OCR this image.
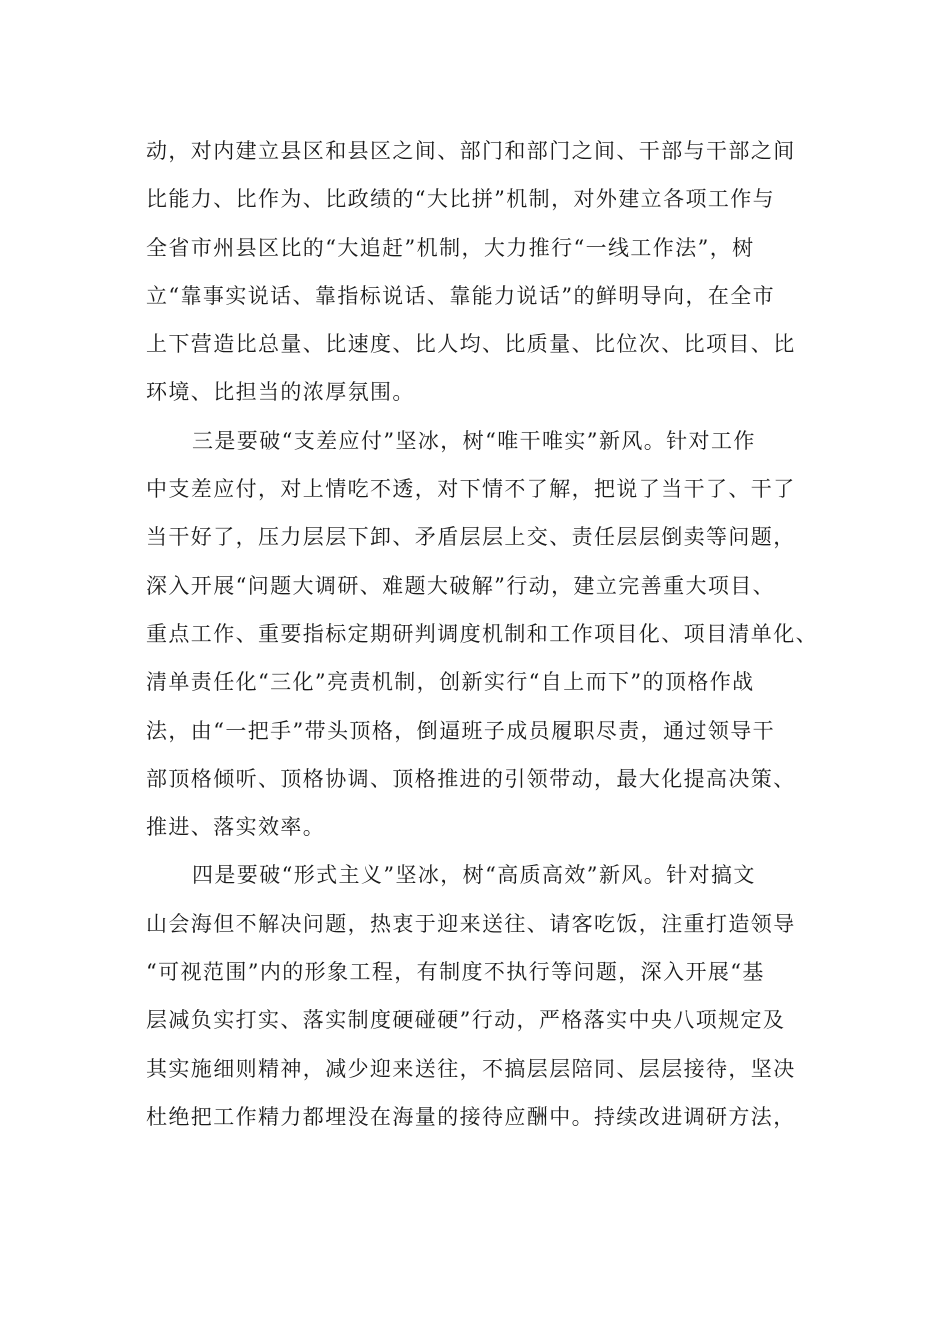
动，对内建立县区和县区之间、部门和部门之间、干部与干部之间
比能力、比作为、比政绩的“大比拼”机制，对外建立各项工作与
全省市州县区比的“大追赶”机制，大力推行“一线工作法”，树
立“靠事实说话、靠指标说话、靠能力说话”的鲜明导向，在全市
上下营造比总量、比速度、比人均、比质量、比位次、比项目、比
环境、比担当的浓厚氛围。
三是要破“支差应付”坚冰，树“唯干唯实”新风。针对工作
中支差应付，对上情吃不透，对下情不了解，把说了当干了、干了
当干好了，压力层层下卸、矛盾层层上交、责任层层倒卖等问题，
深入开展“问题大调研、难题大破解”行动，建立完善重大项目、
重点工作、重要指标定期研判调度机制和工作项目化、项目清单化、
清单责任化“三化”亮责机制，创新实行“自上而下”的顶格作战
法，由“一把手”带头顶格，倒逼班子成员履职尽责，通过领导干
部顶格倾听、顶格协调、顶格推进的引领带动，最大化提高决策、
推进、落实效率。
四是要破“形式主义”坚冰，树“高质高效”新风。针对搞文
山会海但不解决问题，热衷于迎来送往、请客吃饭，注重打造领导
“可视范围”内的形象工程，有制度不执行等问题，深入开展“基
层减负实打实、落实制度硬碰硬”行动，严格落实中央八项规定及
其实施细则精神，减少迎来送往，不搞层层陪同、层层接待，坚决
杜绝把工作精力都埋没在海量的接待应酬中。持续改进调研方法，
